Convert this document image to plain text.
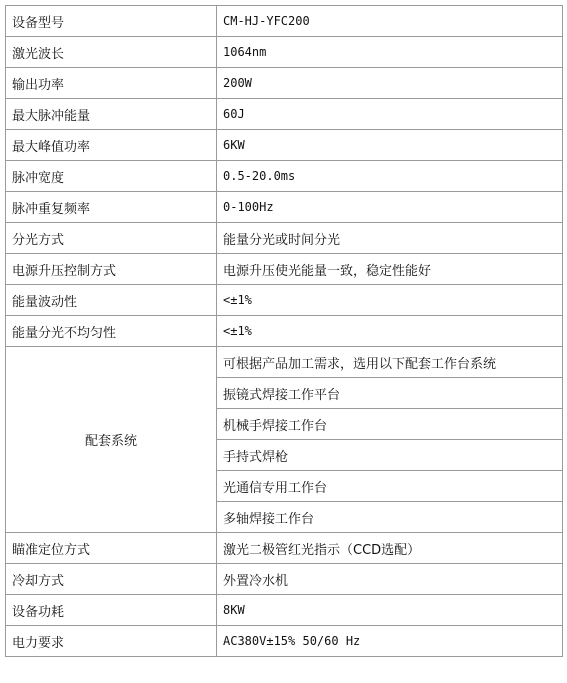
设备型号	CM-HJ-YFC200
激光波长	1064nm
输出功率	200W
最大脉冲能量	60J
最大峰值功率	6KW
脉冲宽度	0.5-20.0ms
脉冲重复频率	0-100Hz
分光方式	能量分光或时间分光
电源升压控制方式	电源升压使光能量一致，稳定性能好
能量波动性	<±1%
能量分光不均匀性	<±1%
配套系统	可根据产品加工需求，选用以下配套工作台系统
	振镜式焊接工作平台
	机械手焊接工作台
	手持式焊枪
	光通信专用工作台
	多轴焊接工作台
瞄准定位方式	激光二极管红光指示（CCD选配）
冷却方式	外置冷水机
设备功耗	8KW
电力要求	AC380V±15% 50/60 Hz
